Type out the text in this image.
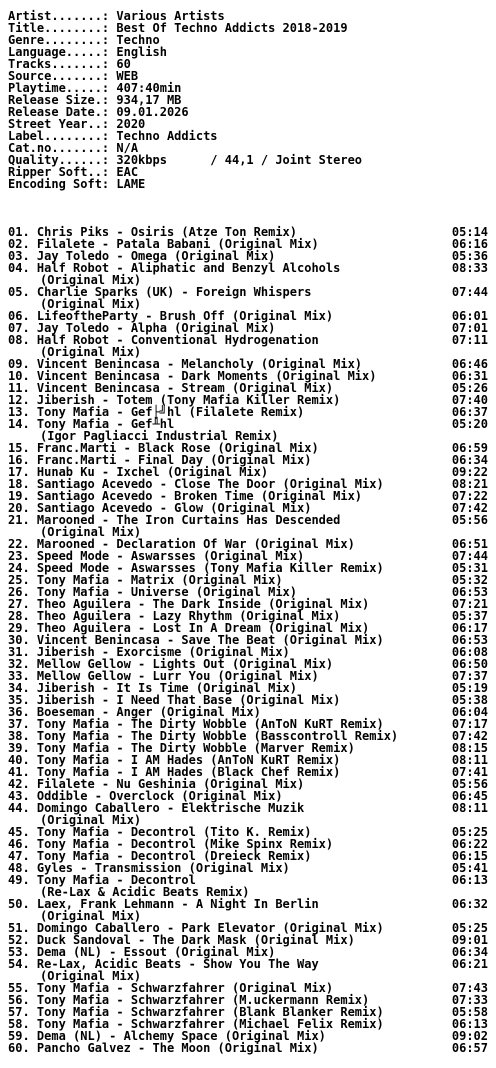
Artist.......: Various Artists
Title........: Best Of Techno Addicts 2018-2019
Genre........: Techno
Language.....: English
Tracks.......: 60
Source.......: WEB
Playtime.....: 407:40min
Release Size.: 934,17 MB
Release Date.: 09.01.2026
Street Year..: 2020
Label........: Techno Addicts
Cat.no.......: N/A
Quality......: 320kbps      / 44,1 / Joint Stereo
Ripper Soft..: EAC
Encoding Soft: LAME
01. Chris Piks - Osiris (Atze Ton Remix)	05:14
02. Filalete - Patala Babani (Original Mix)	06:16
03. Jay Toledo - Omega (Original Mix)	05:36
04. Half Robot - Aliphatic and Benzyl Alcohols	08:33
(Original Mix)
05. Charlie Sparks (UK) - Foreign Whispers	07:44
(Original Mix)
06. LifeoftheParty - Brush Off (Original Mix)	06:01
07. Jay Toledo - Alpha (Original Mix)	07:01
08. Half Robot - Conventional Hydrogenation	07:11
(Original Mix)
09. Vincent Benincasa - Melancholy (Original Mix)	06:46
10. Vincent Benincasa - Dark Moments (Original Mix)	06:31
11. Vincent Benincasa - Stream (Original Mix)	05:26
12. Jiberish - Totem (Tony Mafia Killer Remix)	07:40
13. Tony Mafia - Gef├╝hl (Filalete Remix)	06:37
14. Tony Mafia - Gef╨hl	05:20
(Igor Pagliacci Industrial Remix)
15. Franc.Marti - Black Rose (Original Mix)	06:59
16. Franc.Marti - Final Day (Original Mix)	06:34
17. Hunab Ku - Ixchel (Original Mix)	09:22
18. Santiago Acevedo - Close The Door (Original Mix)	08:21
19. Santiago Acevedo - Broken Time (Original Mix)	07:22
20. Santiago Acevedo - Glow (Original Mix)	07:42
21. Marooned - The Iron Curtains Has Descended	05:56
(Original Mix)
22. Marooned - Declaration Of War (Original Mix)	06:51
23. Speed Mode - Aswarsses (Original Mix)	07:44
24. Speed Mode - Aswarsses (Tony Mafia Killer Remix)	05:31
25. Tony Mafia - Matrix (Original Mix)	05:32
26. Tony Mafia - Universe (Original Mix)	06:53
27. Theo Aguilera - The Dark Inside (Original Mix)	07:21
28. Theo Aguilera - Lazy Rhythm (Original Mix)	05:37
29. Theo Aguilera - Lost In A Dream (Original Mix)	06:17
30. Vincent Benincasa - Save The Beat (Original Mix)	06:53
31. Jiberish - Exorcisme (Original Mix)	06:08
32. Mellow Gellow - Lights Out (Original Mix)	06:50
33. Mellow Gellow - Lurr You (Original Mix)	07:37
34. Jiberish - It Is Time (Original Mix)	05:19
35. Jiberish - I Need That Base (Original Mix)	05:38
36. Boeseman - Anger (Original Mix)	06:04
37. Tony Mafia - The Dirty Wobble (AnToN KuRT Remix)	07:17
38. Tony Mafia - The Dirty Wobble (Basscontroll Remix)	07:42
39. Tony Mafia - The Dirty Wobble (Marver Remix)	08:15
40. Tony Mafia - I AM Hades (AnToN KuRT Remix)	08:11
41. Tony Mafia - I AM Hades (Black Chef Remix)	07:41
42. Filalete - Nu Geshinia (Original Mix)	05:56
43. Oddible - Overclock (Original Mix)	06:45
44. Domingo Caballero - Elektrische Muzik	08:11
(Original Mix)
45. Tony Mafia - Decontrol (Tito K. Remix)	05:25
46. Tony Mafia - Decontrol (Mike Spinx Remix)	06:22
47. Tony Mafia - Decontrol (Dreieck Remix)	06:15
48. Gyles - Transmission (Original Mix)	05:41
49. Tony Mafia - Decontrol	06:13
(Re-Lax & Acidic Beats Remix)
50. Laex, Frank Lehmann - A Night In Berlin	06:32
(Original Mix)
51. Domingo Caballero - Park Elevator (Original Mix)	05:25
52. Duck Sandoval - The Dark Mask (Original Mix)	09:01
53. Dema (NL) - Essout (Original Mix)	06:34
54. Re-Lax, Acidic Beats - Show You The Way	06:21
(Original Mix)
55. Tony Mafia - Schwarzfahrer (Original Mix)	07:43
56. Tony Mafia - Schwarzfahrer (M.uckermann Remix)	07:33
57. Tony Mafia - Schwarzfahrer (Blank Blanker Remix)	05:58
58. Tony Mafia - Schwarzfahrer (Michael Felix Remix)	06:13
59. Dema (NL) - Alchemy Space (Original Mix)	09:02
60. Pancho Galvez - The Moon (Original Mix)	06:57
